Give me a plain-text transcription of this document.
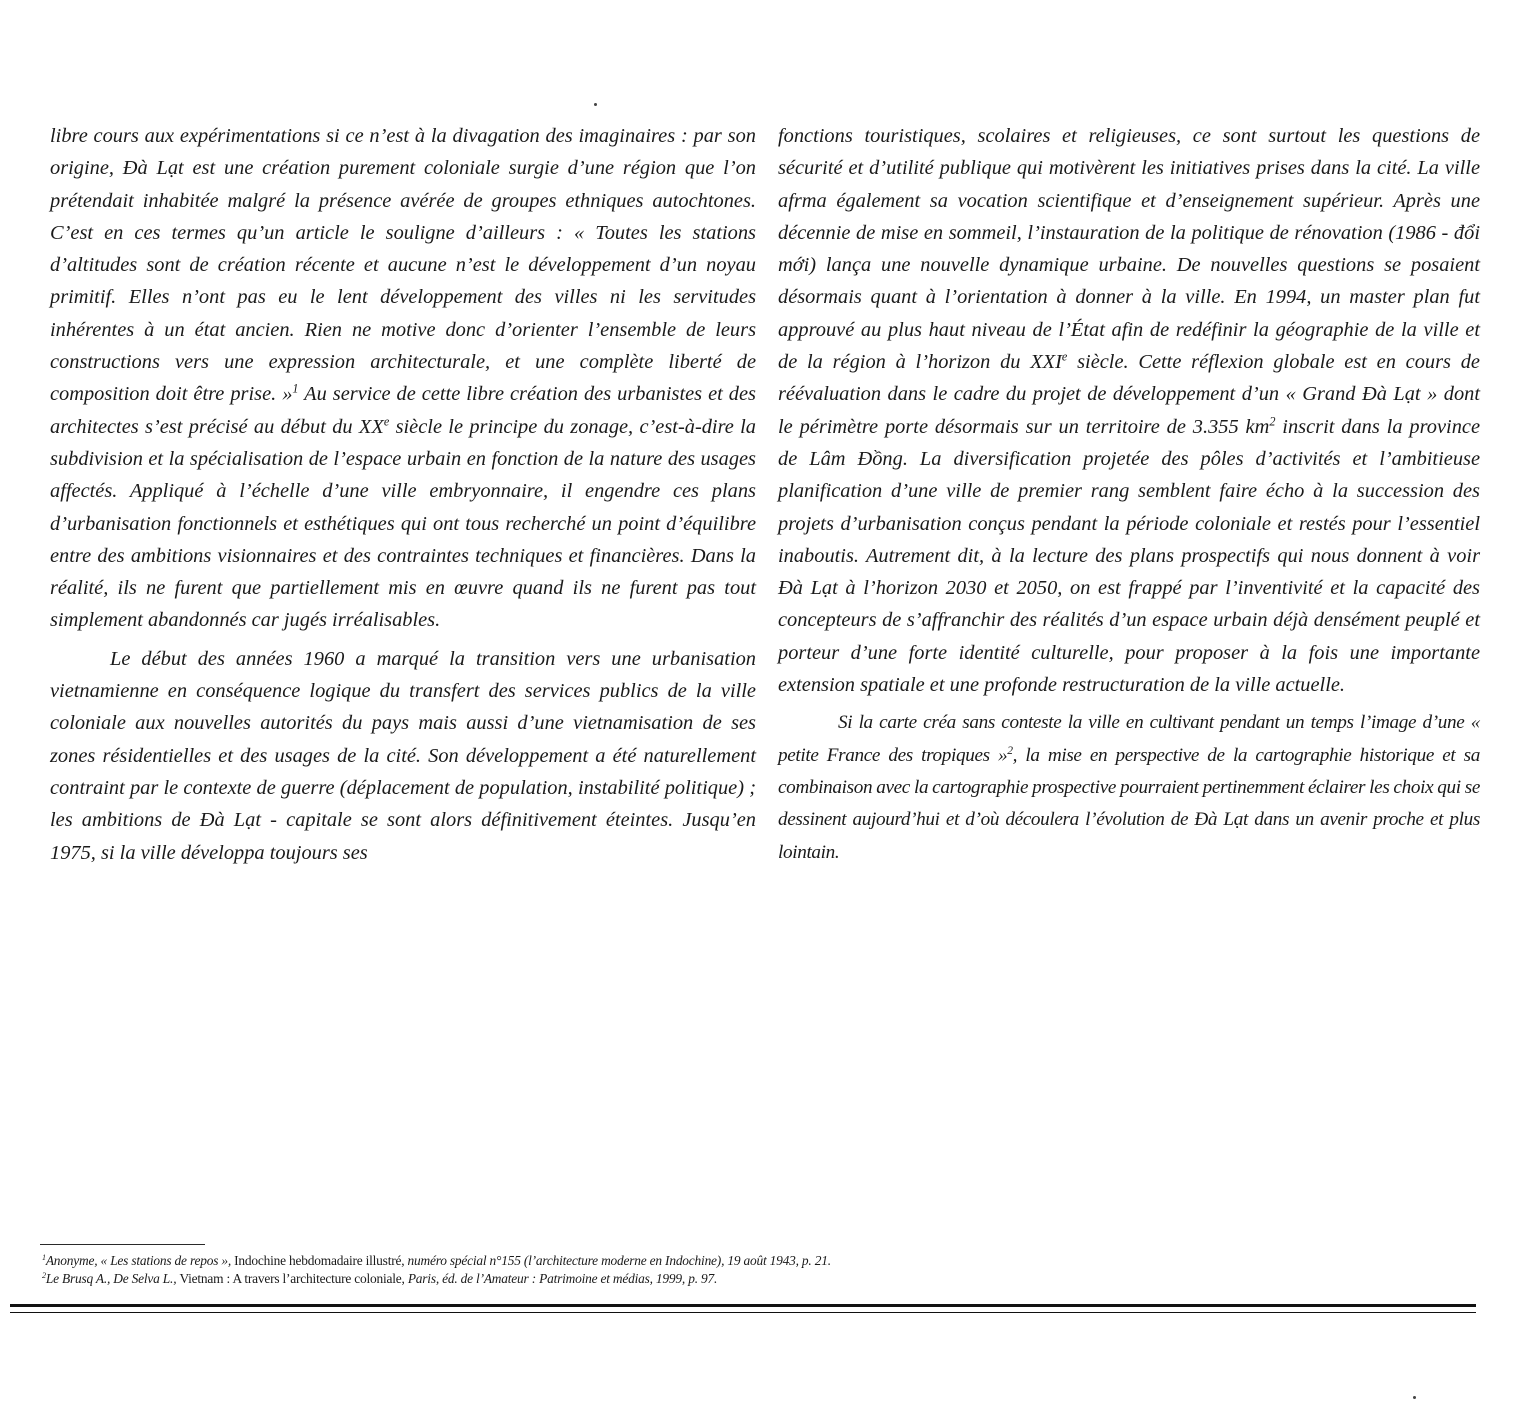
libre cours aux expérimentations si ce n’est à la divagation des imaginaires : par son origine, Đà Lạt est une création purement coloniale surgie d’une région que l’on prétendait inhabitée malgré la présence avérée de groupes ethniques autochtones. C’est en ces termes qu’un article le souligne d’ailleurs : « Toutes les stations d’altitudes sont de création récente et aucune n’est le développement d’un noyau primitif. Elles n’ont pas eu le lent développement des villes ni les servitudes inhérentes à un état ancien. Rien ne motive donc d’orienter l’ensemble de leurs constructions vers une expression architecturale, et une complète liberté de composition doit être prise. »$^1$ Au service de cette libre création des urbanistes et des architectes s’est précisé au début du XXe siècle le principe du zonage, c’est-à-dire la subdivision et la spécialisation de l’espace urbain en fonction de la nature des usages affectés. Appliqué à l’échelle d’une ville embryonnaire, il engendre ces plans d’urbanisation fonctionnels et esthétiques qui ont tous recherché un point d’équilibre entre des ambitions visionnaires et des contraintes techniques et financières. Dans la réalité, ils ne furent que partiellement mis en œuvre quand ils ne furent pas tout simplement abandonnés car jugés irréalisables.

Le début des années 1960 a marqué la transition vers une urbanisation vietnamienne en conséquence logique du transfert des services publics de la ville coloniale aux nouvelles autorités du pays mais aussi d’une vietnamisation de ses zones résidentielles et des usages de la cité. Son développement a été naturellement contraint par le contexte de guerre (déplacement de population, instabilité politique) ; les ambitions de Đà Lạt - capitale se sont alors définitivement éteintes. Jusqu’en 1975, si la ville développa toujours ses

fonctions touristiques, scolaires et religieuses, ce sont surtout les questions de sécurité et d’utilité publique qui motivèrent les initiatives prises dans la cité. La ville afrma également sa vocation scientifique et d’enseignement supérieur. Après une décennie de mise en sommeil, l’instauration de la politique de rénovation (1986 - đổi mới) lança une nouvelle dynamique urbaine. De nouvelles questions se posaient désormais quant à l’orientation à donner à la ville. En 1994, un master plan fut approuvé au plus haut niveau de l’État afin de redéfinir la géographie de la ville et de la région à l’horizon du XXIe siècle. Cette réflexion globale est en cours de réévaluation dans le cadre du projet de développement d’un « Grand Đà Lạt » dont le périmètre porte désormais sur un territoire de 3.355 $km^2$ inscrit dans la province de Lâm Đồng. La diversification projetée des pôles d’activités et l’ambitieuse planification d’une ville de premier rang semblent faire écho à la succession des projets d’urbanisation conçus pendant la période coloniale et restés pour l’essentiel inaboutis. Autrement dit, à la lecture des plans prospectifs qui nous donnent à voir Đà Lạt à l’horizon 2030 et 2050, on est frappé par l’inventivité et la capacité des concepteurs de s’affranchir des réalités d’un espace urbain déjà densément peuplé et porteur d’une forte identité culturelle, pour proposer à la fois une importante extension spatiale et une profonde restructuration de la ville actuelle.

Si la carte créa sans conteste la ville en cultivant pendant un temps l’image d’une « petite France des tropiques »$^2$, la mise en perspective de la cartographie historique et sa combinaison avec la cartographie prospective pourraient pertinemment éclairer les choix qui se dessinent aujourd’hui et d’où découlera l’évolution de Đà Lạt dans un avenir proche et plus lointain.

$^1$Anonyme, « Les stations de repos », Indochine hebdomadaire illustré, numéro spécial n°155 (l’architecture moderne en Indochine), 19 août 1943, p. 21.

$^2$Le Brusq A., De Selva L., Vietnam : A travers l’architecture coloniale, Paris, éd. de l’Amateur : Patrimoine et médias, 1999, p. 97.
